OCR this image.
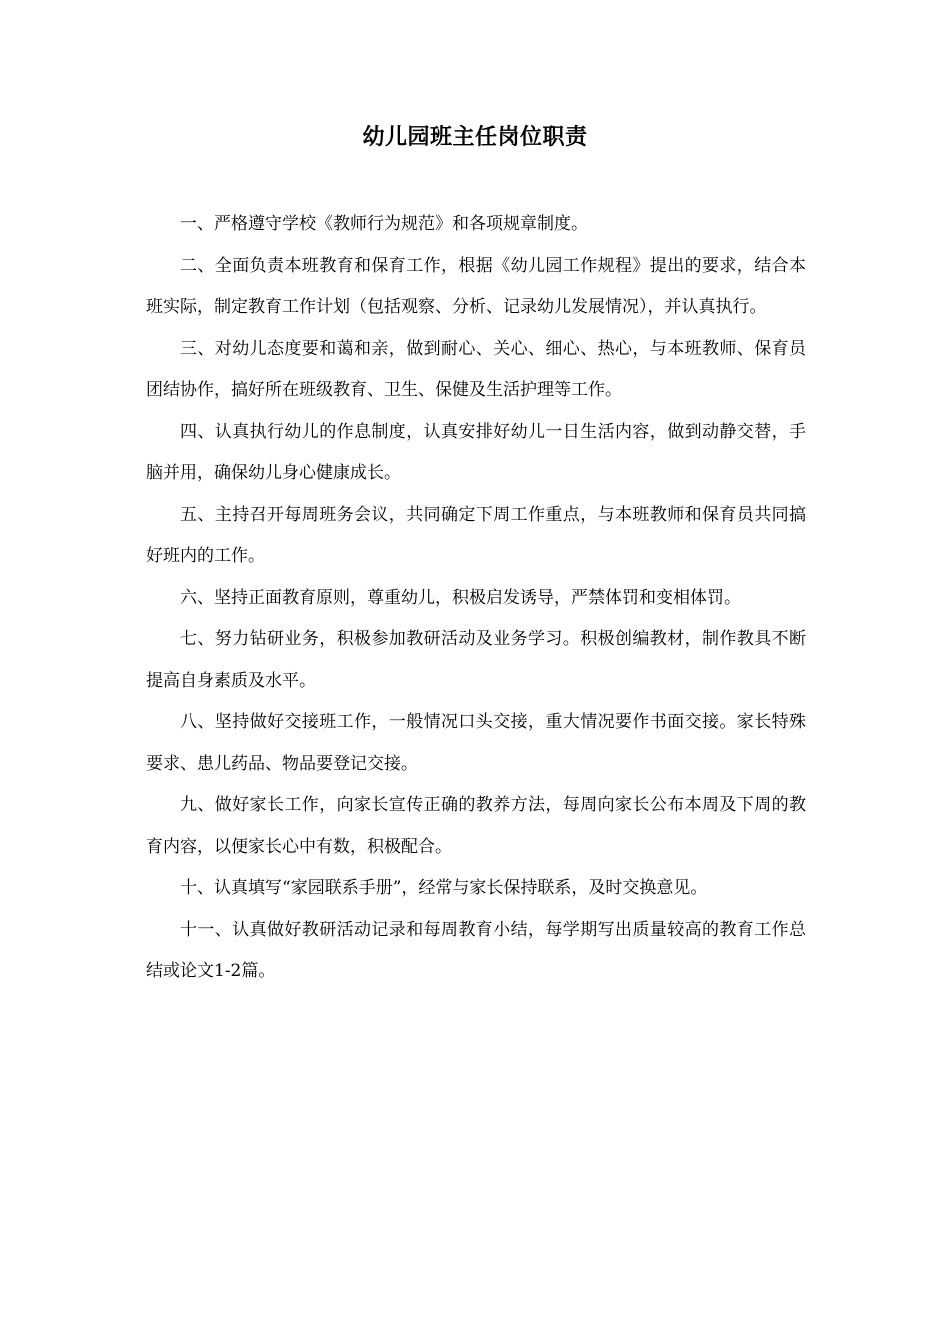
幼儿园班主任岗位职责

一、严格遵守学校《教师行为规范》和各项规章制度。

二、全面负责本班教育和保育工作，根据《幼儿园工作规程》提出的要求，结合本班实际，制定教育工作计划（包括观察、分析、记录幼儿发展情况），并认真执行。

三、对幼儿态度要和蔼和亲，做到耐心、关心、细心、热心，与本班教师、保育员团结协作，搞好所在班级教育、卫生、保健及生活护理等工作。

四、认真执行幼儿的作息制度，认真安排好幼儿一日生活内容，做到动静交替，手脑并用，确保幼儿身心健康成长。

五、主持召开每周班务会议，共同确定下周工作重点，与本班教师和保育员共同搞好班内的工作。

六、坚持正面教育原则，尊重幼儿，积极启发诱导，严禁体罚和变相体罚。

七、努力钻研业务，积极参加教研活动及业务学习。积极创编教材，制作教具不断提高自身素质及水平。

八、坚持做好交接班工作，一般情况口头交接，重大情况要作书面交接。家长特殊要求、患儿药品、物品要登记交接。

九、做好家长工作，向家长宣传正确的教养方法，每周向家长公布本周及下周的教育内容，以便家长心中有数，积极配合。

十、认真填写“家园联系手册”，经常与家长保持联系，及时交换意见。

十一、认真做好教研活动记录和每周教育小结，每学期写出质量较高的教育工作总结或论文1-2篇。
